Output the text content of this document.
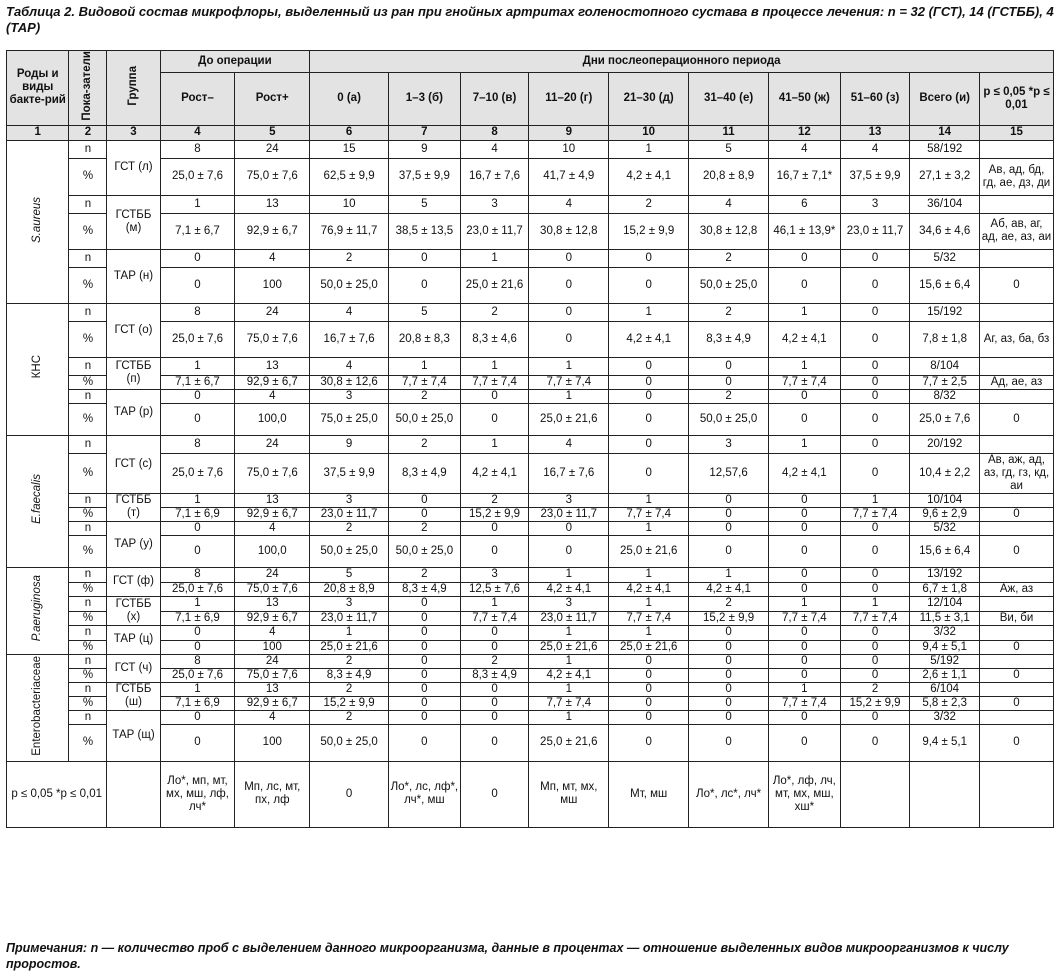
Таблица 2. Видовой состав микрофлоры, выделенный из ран при гнойных артритах голеностопного сустава в процессе лечения: n = 32 (ГСТ), 14 (ГСТББ), 4 (ТАР)
Роды и виды бакте-рий	Пока-затели	Группа	До операции		Дни послеоперационного периода									
			Рост–	Рост+	0 (а)	1–3 (б)	7–10 (в)	11–20 (г)	21–30 (д)	31–40 (е)	41–50 (ж)	51–60 (з)	Всего (и)	р ≤ 0,05 *р ≤ 0,01
1	2	3	4	5	6	7	8	9	10	11	12	13	14	15
S.aureus	n	ГСТ (л)	8	24	15	9	4	10	1	5	4	4	58/192	
	%		25,0 ± 7,6	75,0 ± 7,6	62,5 ± 9,9	37,5 ± 9,9	16,7 ± 7,6	41,7 ± 4,9	4,2 ± 4,1	20,8 ± 8,9	16,7 ± 7,1*	37,5 ± 9,9	27,1 ± 3,2	Ав, ад, бд, гд, ае, дз, ди
	n	ГСТББ (м)	1	13	10	5	3	4	2	4	6	3	36/104	
	%		7,1 ± 6,7	92,9 ± 6,7	76,9 ± 11,7	38,5 ± 13,5	23,0 ± 11,7	30,8 ± 12,8	15,2 ± 9,9	30,8 ± 12,8	46,1 ± 13,9*	23,0 ± 11,7	34,6 ± 4,6	Аб, ав, аг, ад, ае, аз, аи
	n	ТАР (н)	0	4	2	0	1	0	0	2	0	0	5/32	
	%		0	100	50,0 ± 25,0	0	25,0 ± 21,6	0	0	50,0 ± 25,0	0	0	15,6 ± 6,4	0
КНС	n	ГСТ (о)	8	24	4	5	2	0	1	2	1	0	15/192	
	%		25,0 ± 7,6	75,0 ± 7,6	16,7 ± 7,6	20,8 ± 8,3	8,3 ± 4,6	0	4,2 ± 4,1	8,3 ± 4,9	4,2 ± 4,1	0	7,8 ± 1,8	Аг, аз, ба, бз
	n	ГСТББ (п)	1	13	4	1	1	1	0	0	1	0	8/104	
	%		7,1 ± 6,7	92,9 ± 6,7	30,8 ± 12,6	7,7 ± 7,4	7,7 ± 7,4	7,7 ± 7,4	0	0	7,7 ± 7,4	0	7,7 ± 2,5	Ад, ае, аз
	n	ТАР (р)	0	4	3	2	0	1	0	2	0	0	8/32	
	%		0	100,0	75,0 ± 25,0	50,0 ± 25,0	0	25,0 ± 21,6	0	50,0 ± 25,0	0	0	25,0 ± 7,6	0
E.faecalis	n	ГСТ (с)	8	24	9	2	1	4	0	3	1	0	20/192	
	%		25,0 ± 7,6	75,0 ± 7,6	37,5 ± 9,9	8,3 ± 4,9	4,2 ± 4,1	16,7 ± 7,6	0	12,57,6	4,2 ± 4,1	0	10,4 ± 2,2	Ав, аж, ад, аз, гд, гз, кд, аи
	n	ГСТББ (т)	1	13	3	0	2	3	1	0	0	1	10/104	
	%		7,1 ± 6,9	92,9 ± 6,7	23,0 ± 11,7	0	15,2 ± 9,9	23,0 ± 11,7	7,7 ± 7,4	0	0	7,7 ± 7,4	9,6 ± 2,9	0
	n	ТАР (у)	0	4	2	2	0	0	1	0	0	0	5/32	
	%		0	100,0	50,0 ± 25,0	50,0 ± 25,0	0	0	25,0 ± 21,6	0	0	0	15,6 ± 6,4	0
P.aeruginosa	n	ГСТ (ф)	8	24	5	2	3	1	1	1	0	0	13/192	
	%		25,0 ± 7,6	75,0 ± 7,6	20,8 ± 8,9	8,3 ± 4,9	12,5 ± 7,6	4,2 ± 4,1	4,2 ± 4,1	4,2 ± 4,1	0	0	6,7 ± 1,8	Аж, аз
	n	ГСТББ (х)	1	13	3	0	1	3	1	2	1	1	12/104	
	%		7,1 ± 6,9	92,9 ± 6,7	23,0 ± 11,7	0	7,7 ± 7,4	23,0 ± 11,7	7,7 ± 7,4	15,2 ± 9,9	7,7 ± 7,4	7,7 ± 7,4	11,5 ± 3,1	Ви, би
	n	ТАР (ц)	0	4	1	0	0	1	1	0	0	0	3/32	
	%		0	100	25,0 ± 21,6	0	0	25,0 ± 21,6	25,0 ± 21,6	0	0	0	9,4 ± 5,1	0
Enterobacteriaceae	n	ГСТ (ч)	8	24	2	0	2	1	0	0	0	0	5/192	
	%		25,0 ± 7,6	75,0 ± 7,6	8,3 ± 4,9	0	8,3 ± 4,9	4,2 ± 4,1	0	0	0	0	2,6 ± 1,1	0
	n	ГСТББ (ш)	1	13	2	0	0	1	0	0	1	2	6/104	
	%		7,1 ± 6,9	92,9 ± 6,7	15,2 ± 9,9	0	0	7,7 ± 7,4	0	0	7,7 ± 7,4	15,2 ± 9,9	5,8 ± 2,3	0
	n	ТАР (щ)	0	4	2	0	0	1	0	0	0	0	3/32	
	%		0	100	50,0 ± 25,0	0	0	25,0 ± 21,6	0	0	0	0	9,4 ± 5,1	0
р ≤ 0,05 *р ≤ 0,01			Ло*, мп, мт, мх, мш, лф, лч*	Мп, лс, мт, пх, лф	0	Ло*, лс, лф*, лч*, мш	0	Мп, мт, мх, мш	Мт, мш	Ло*, лс*, лч*	Ло*, лф, лч, мт, мх, мш, хш*			
Примечания: n — количество проб с выделением данного микроорганизма, данные в процентах — отношение выделенных видов микроорганизмов к числу проростов.
